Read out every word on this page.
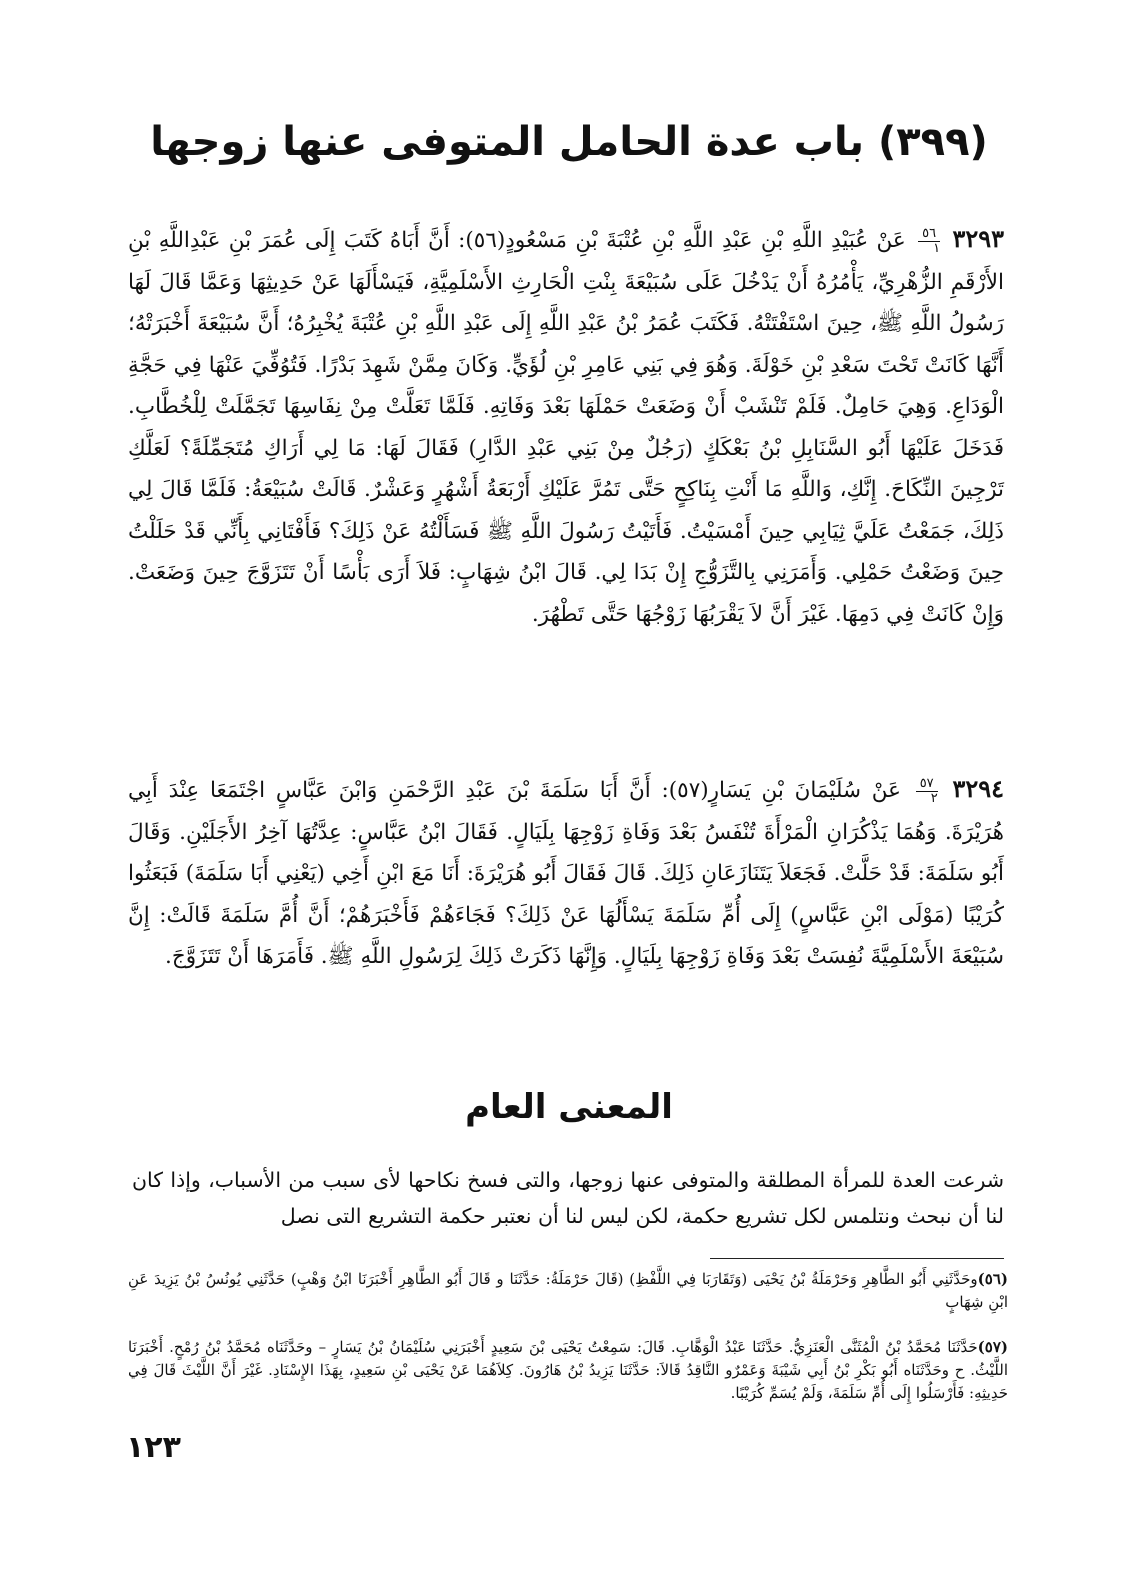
(٣٩٩) باب عدة الحامل المتوفى عنها زوجها

٣٢٩٣
$\frac{٥٦}{١}$
عَنْ عُبَيْدِ اللَّهِ بْنِ عَبْدِ اللَّهِ بْنِ عُتْبَةَ بْنِ مَسْعُودٍ(٥٦): أَنَّ أَبَاهُ كَتَبَ إِلَى عُمَرَ بْنِ عَبْدِاللَّهِ بْنِ الأَرْقَمِ الزُّهْرِيِّ، يَأْمُرُهُ أَنْ يَدْخُلَ عَلَى سُبَيْعَةَ بِنْتِ الْحَارِثِ الأَسْلَمِيَّةِ، فَيَسْأَلَهَا عَنْ حَدِيثِهَا وَعَمَّا قَالَ لَهَا رَسُولُ اللَّهِ ﷺ، حِينَ اسْتَفْتَتْهُ. فَكَتَبَ عُمَرُ بْنُ عَبْدِ اللَّهِ إِلَى عَبْدِ اللَّهِ بْنِ عُتْبَةَ يُخْبِرُهُ؛ أَنَّ سُبَيْعَةَ أَخْبَرَتْهُ؛ أَنَّهَا كَانَتْ تَحْتَ سَعْدِ بْنِ خَوْلَةَ. وَهُوَ فِي بَنِي عَامِرِ بْنِ لُؤَيٍّ. وَكَانَ مِمَّنْ شَهِدَ بَدْرًا. فَتُوُفِّيَ عَنْهَا فِي حَجَّةِ الْوَدَاعِ. وَهِيَ حَامِلٌ. فَلَمْ تَنْشَبْ أَنْ وَضَعَتْ حَمْلَهَا بَعْدَ وَفَاتِهِ. فَلَمَّا تَعَلَّتْ مِنْ نِفَاسِهَا تَجَمَّلَتْ لِلْخُطَّابِ. فَدَخَلَ عَلَيْهَا أَبُو السَّنَابِلِ بْنُ بَعْكَكٍ (رَجُلٌ مِنْ بَنِي عَبْدِ الدَّارِ) فَقَالَ لَهَا: مَا لِي أَرَاكِ مُتَجَمِّلَةً؟ لَعَلَّكِ تَرْجِينَ النِّكَاحَ. إِنَّكِ، وَاللَّهِ مَا أَنْتِ بِنَاكِحٍ حَتَّى تَمُرَّ عَلَيْكِ أَرْبَعَةُ أَشْهُرٍ وَعَشْرٌ. قَالَتْ سُبَيْعَةُ: فَلَمَّا قَالَ لِي ذَلِكَ، جَمَعْتُ عَلَيَّ ثِيَابِي حِينَ أَمْسَيْتُ. فَأَتَيْتُ رَسُولَ اللَّهِ ﷺ فَسَأَلْتُهُ عَنْ ذَلِكَ؟ فَأَفْتَانِي بِأَنِّي قَدْ حَلَلْتُ حِينَ وَضَعْتُ حَمْلِي. وَأَمَرَنِي بِالتَّزَوُّجِ إِنْ بَدَا لِي. قَالَ ابْنُ شِهَابٍ: فَلاَ أَرَى بَأْسًا أَنْ تَتَزَوَّجَ حِينَ وَضَعَتْ. وَإِنْ كَانَتْ فِي دَمِهَا. غَيْرَ أَنَّ لاَ يَقْرَبُهَا زَوْجُهَا حَتَّى تَطْهُرَ.

٣٢٩٤
$\frac{٥٧}{٢}$
عَنْ سُلَيْمَانَ بْنِ يَسَارٍ(٥٧): أَنَّ أَبَا سَلَمَةَ بْنَ عَبْدِ الرَّحْمَنِ وَابْنَ عَبَّاسٍ اجْتَمَعَا عِنْدَ أَبِي هُرَيْرَةَ. وَهُمَا يَذْكُرَانِ الْمَرْأَةَ تُنْفَسُ بَعْدَ وَفَاةِ زَوْجِهَا بِلَيَالٍ. فَقَالَ ابْنُ عَبَّاسٍ: عِدَّتُهَا آخِرُ الأَجَلَيْنِ. وَقَالَ أَبُو سَلَمَةَ: قَدْ حَلَّتْ. فَجَعَلاَ يَتَنَازَعَانِ ذَلِكَ. قَالَ فَقَالَ أَبُو هُرَيْرَةَ: أَنَا مَعَ ابْنِ أَخِي (يَعْنِي أَبَا سَلَمَةَ) فَبَعَثُوا كُرَيْبًا (مَوْلَى ابْنِ عَبَّاسٍ) إِلَى أُمِّ سَلَمَةَ يَسْأَلُهَا عَنْ ذَلِكَ؟ فَجَاءَهُمْ فَأَخْبَرَهُمْ؛ أَنَّ أُمَّ سَلَمَةَ قَالَتْ: إِنَّ سُبَيْعَةَ الأَسْلَمِيَّةَ نُفِسَتْ بَعْدَ وَفَاةِ زَوْجِهَا بِلَيَالٍ. وَإِنَّهَا ذَكَرَتْ ذَلِكَ لِرَسُولِ اللَّهِ ﷺ. فَأَمَرَهَا أَنْ تَتَزَوَّجَ.

المعنى العام

شرعت العدة للمرأة المطلقة والمتوفى عنها زوجها، والتى فسخ نكاحها لأى سبب من الأسباب، وإذا كان لنا أن نبحث ونتلمس لكل تشريع حكمة، لكن ليس لنا أن نعتبر حكمة التشريع التى نصل

(٥٦)وحَدَّثَنِي أَبُو الطَّاهِرِ وَحَرْمَلَةُ بْنُ يَحْيَى (وَتَقَارَبَا فِي اللَّفْظِ) (قَالَ حَرْمَلَةُ: حَدَّثَنَا و قَالَ أَبُو الطَّاهِرِ أَخْبَرَنَا ابْنُ وَهْبٍ) حَدَّثَنِي يُونُسُ بْنُ يَزِيدَ عَنِ ابْنِ شِهَابٍ

(٥٧)حَدَّثَنَا مُحَمَّدُ بْنُ الْمُثَنَّى الْعَنَزِيُّ. حَدَّثَنَا عَبْدُ الْوَهَّابِ. قَالَ: سَمِعْتُ يَحْيَى بْنَ سَعِيدٍ أَخْبَرَنِي سُلَيْمَانُ بْنُ يَسَارٍ – وحَدَّثَنَاه مُحَمَّدُ بْنُ رُمْحٍ. أَخْبَرَنَا اللَّيْثُ. ح وحَدَّثَنَاه أَبُو بَكْرِ بْنُ أَبِي شَيْبَةَ وَعَمْرٌو النَّاقِدُ قَالاَ: حَدَّثَنَا يَزِيدُ بْنُ هَارُونَ. كِلاَهُمَا عَنْ يَحْيَى بْنِ سَعِيدٍ، بِهَذَا الإِسْنَادِ. غَيْرَ أَنَّ اللَّيْثَ قَالَ فِي حَدِيثِهِ: فَأَرْسَلُوا إِلَى أُمِّ سَلَمَةَ، وَلَمْ يُسَمِّ كُرَيْبًا.

١٢٣
